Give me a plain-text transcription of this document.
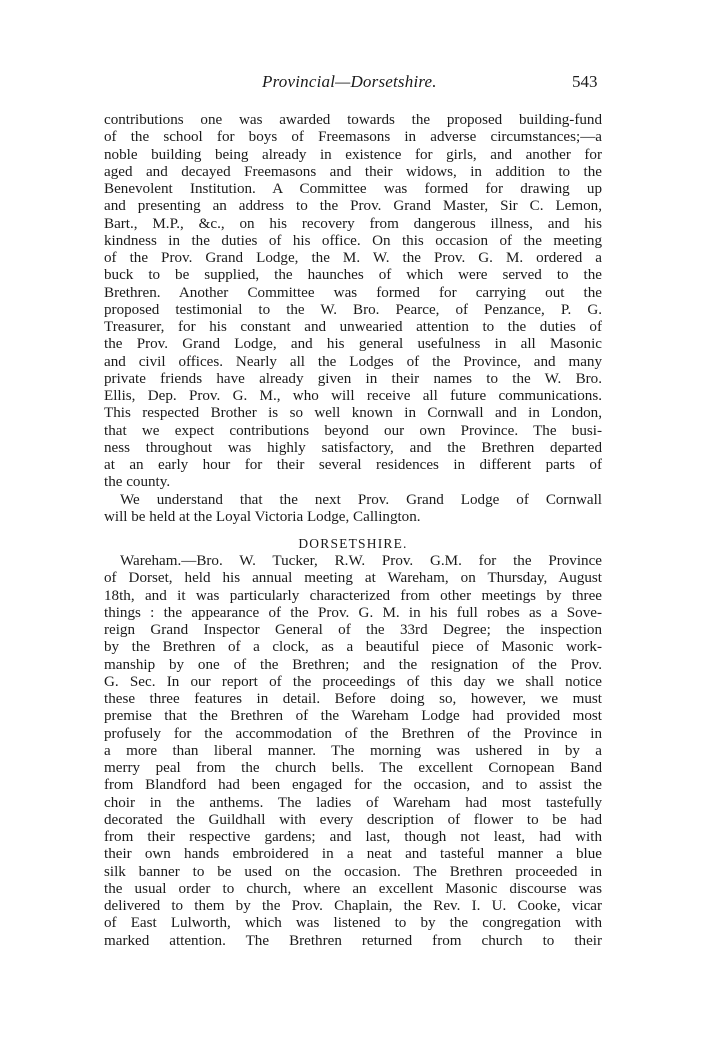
Provincial—Dorsetshire.	543
contributions one was awarded towards the proposed building-fund
of the school for boys of Freemasons in adverse circumstances;—a
noble building being already in existence for girls, and another for
aged and decayed Freemasons and their widows, in addition to the
Benevolent Institution. A Committee was formed for drawing up
and presenting an address to the Prov. Grand Master, Sir C. Lemon,
Bart., M.P., &c., on his recovery from dangerous illness, and his
kindness in the duties of his office. On this occasion of the meeting
of the Prov. Grand Lodge, the M. W. the Prov. G. M. ordered a
buck to be supplied, the haunches of which were served to the
Brethren. Another Committee was formed for carrying out the
proposed testimonial to the W. Bro. Pearce, of Penzance, P. G.
Treasurer, for his constant and unwearied attention to the duties of
the Prov. Grand Lodge, and his general usefulness in all Masonic
and civil offices. Nearly all the Lodges of the Province, and many
private friends have already given in their names to the W. Bro.
Ellis, Dep. Prov. G. M., who will receive all future communications.
This respected Brother is so well known in Cornwall and in London,
that we expect contributions beyond our own Province. The busi-
ness throughout was highly satisfactory, and the Brethren departed
at an early hour for their several residences in different parts of
the county.
We understand that the next Prov. Grand Lodge of Cornwall
will be held at the Loyal Victoria Lodge, Callington.
DORSETSHIRE.
Wareham.—Bro. W. Tucker, R.W. Prov. G.M. for the Province
of Dorset, held his annual meeting at Wareham, on Thursday, August
18th, and it was particularly characterized from other meetings by three
things : the appearance of the Prov. G. M. in his full robes as a Sove-
reign Grand Inspector General of the 33rd Degree; the inspection
by the Brethren of a clock, as a beautiful piece of Masonic work-
manship by one of the Brethren; and the resignation of the Prov.
G. Sec. In our report of the proceedings of this day we shall notice
these three features in detail. Before doing so, however, we must
premise that the Brethren of the Wareham Lodge had provided most
profusely for the accommodation of the Brethren of the Province in
a more than liberal manner. The morning was ushered in by a
merry peal from the church bells. The excellent Cornopean Band
from Blandford had been engaged for the occasion, and to assist the
choir in the anthems. The ladies of Wareham had most tastefully
decorated the Guildhall with every description of flower to be had
from their respective gardens; and last, though not least, had with
their own hands embroidered in a neat and tasteful manner a blue
silk banner to be used on the occasion. The Brethren proceeded in
the usual order to church, where an excellent Masonic discourse was
delivered to them by the Prov. Chaplain, the Rev. I. U. Cooke, vicar
of East Lulworth, which was listened to by the congregation with
marked attention. The Brethren returned from church to their
